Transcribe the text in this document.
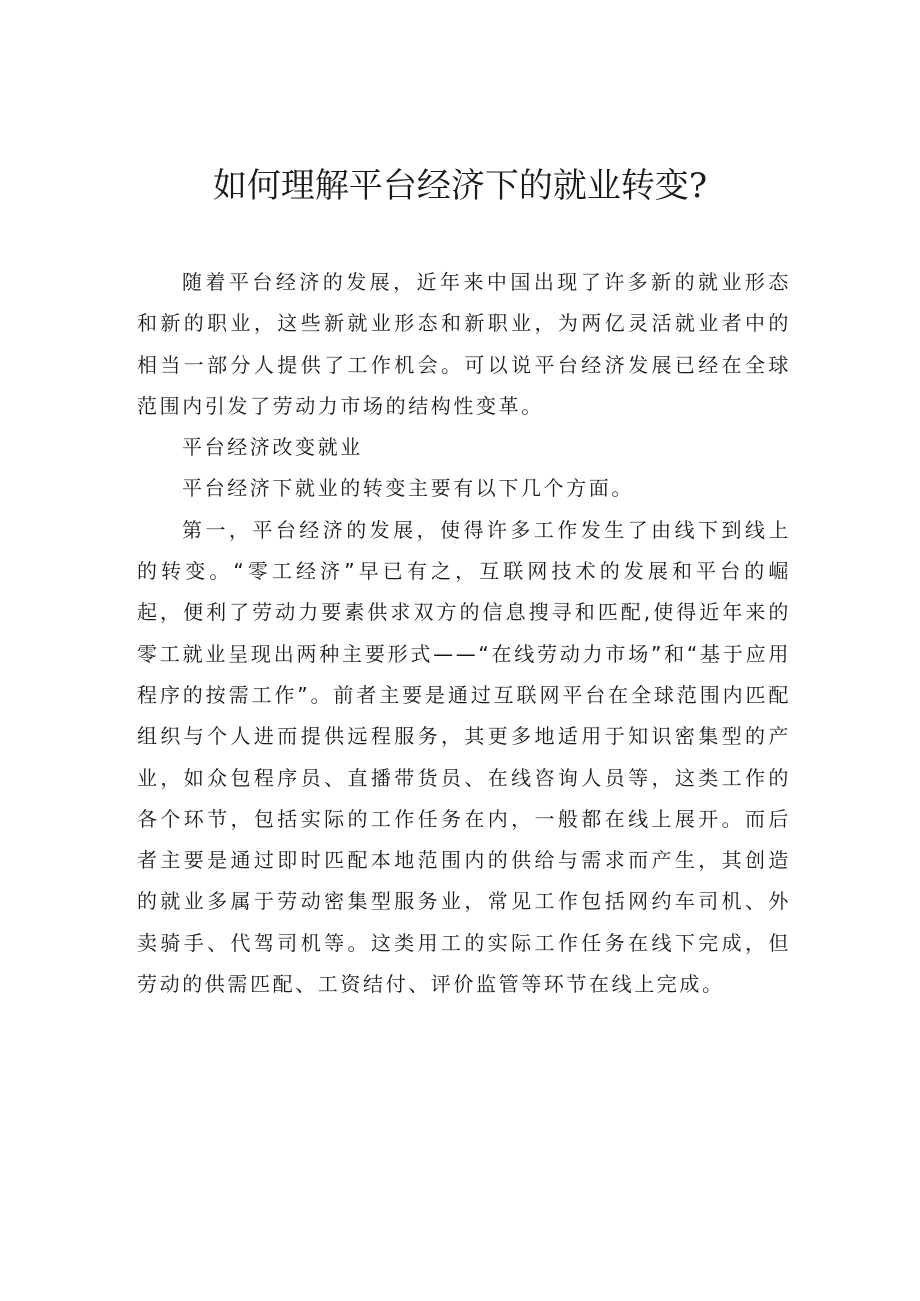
如何理解平台经济下的就业转变?

随着平台经济的发展，近年来中国出现了许多新的就业形态和新的职业，这些新就业形态和新职业，为两亿灵活就业者中的相当一部分人提供了工作机会。可以说平台经济发展已经在全球范围内引发了劳动力市场的结构性变革。

平台经济改变就业

平台经济下就业的转变主要有以下几个方面。

第一，平台经济的发展，使得许多工作发生了由线下到线上的转变。“零工经济”早已有之，互联网技术的发展和平台的崛起，便利了劳动力要素供求双方的信息搜寻和匹配,使得近年来的零工就业呈现出两种主要形式——“在线劳动力市场”和“基于应用程序的按需工作”。前者主要是通过互联网平台在全球范围内匹配组织与个人进而提供远程服务，其更多地适用于知识密集型的产业，如众包程序员、直播带货员、在线咨询人员等，这类工作的各个环节，包括实际的工作任务在内，一般都在线上展开。而后者主要是通过即时匹配本地范围内的供给与需求而产生，其创造的就业多属于劳动密集型服务业，常见工作包括网约车司机、外卖骑手、代驾司机等。这类用工的实际工作任务在线下完成，但劳动的供需匹配、工资结付、评价监管等环节在线上完成。
